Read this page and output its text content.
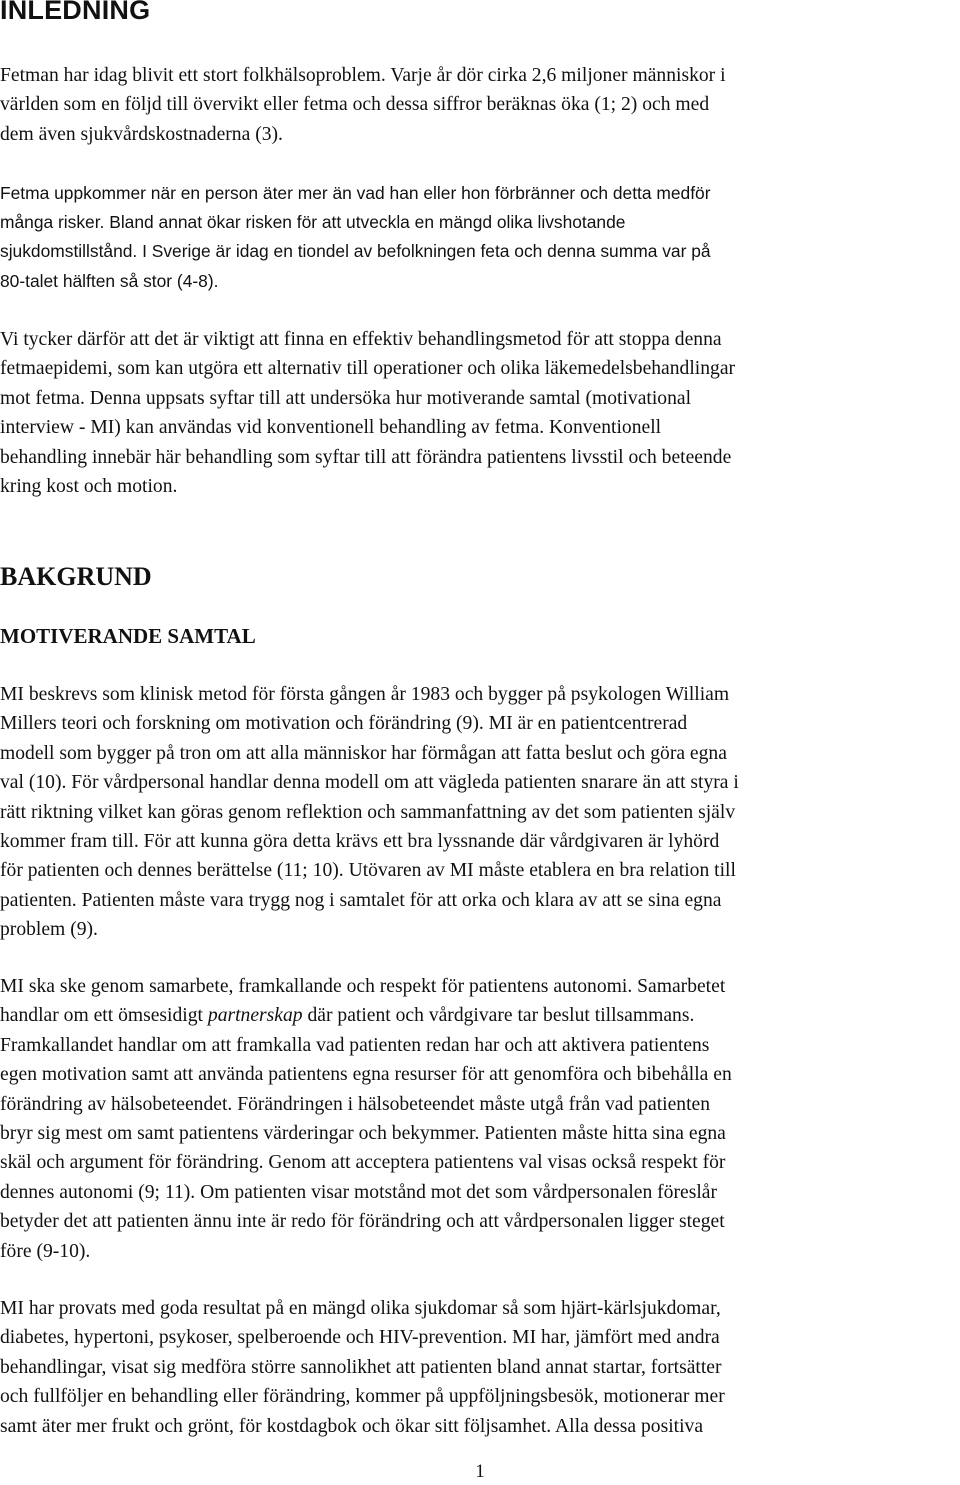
INLEDNING

Fetman har idag blivit ett stort folkhälsoproblem. Varje år dör cirka 2,6 miljoner människor i
världen som en följd till övervikt eller fetma och dessa siffror beräknas öka (1; 2) och med
dem även sjukvårdskostnaderna (3).

Fetma uppkommer när en person äter mer än vad han eller hon förbränner och detta medför
många risker. Bland annat ökar risken för att utveckla en mängd olika livshotande
sjukdomstillstånd. I Sverige är idag en tiondel av befolkningen feta och denna summa var på
80-talet hälften så stor (4-8).

Vi tycker därför att det är viktigt att finna en effektiv behandlingsmetod för att stoppa denna
fetmaepidemi, som kan utgöra ett alternativ till operationer och olika läkemedelsbehandlingar
mot fetma. Denna uppsats syftar till att undersöka hur motiverande samtal (motivational
interview - MI) kan användas vid konventionell behandling av fetma. Konventionell
behandling innebär här behandling som syftar till att förändra patientens livsstil och beteende
kring kost och motion.

BAKGRUND
MOTIVERANDE SAMTAL

MI beskrevs som klinisk metod för första gången år 1983 och bygger på psykologen William
Millers teori och forskning om motivation och förändring (9). MI är en patientcentrerad
modell som bygger på tron om att alla människor har förmågan att fatta beslut och göra egna
val (10). För vårdpersonal handlar denna modell om att vägleda patienten snarare än att styra i
rätt riktning vilket kan göras genom reflektion och sammanfattning av det som patienten själv
kommer fram till. För att kunna göra detta krävs ett bra lyssnande där vårdgivaren är lyhörd
för patienten och dennes berättelse (11; 10). Utövaren av MI måste etablera en bra relation till
patienten. Patienten måste vara trygg nog i samtalet för att orka och klara av att se sina egna
problem (9).

MI ska ske genom samarbete, framkallande och respekt för patientens autonomi. Samarbetet
handlar om ett ömsesidigt partnerskap där patient och vårdgivare tar beslut tillsammans.
Framkallandet handlar om att framkalla vad patienten redan har och att aktivera patientens
egen motivation samt att använda patientens egna resurser för att genomföra och bibehålla en
förändring av hälsobeteendet. Förändringen i hälsobeteendet måste utgå från vad patienten
bryr sig mest om samt patientens värderingar och bekymmer. Patienten måste hitta sina egna
skäl och argument för förändring. Genom att acceptera patientens val visas också respekt för
dennes autonomi (9; 11). Om patienten visar motstånd mot det som vårdpersonalen föreslår
betyder det att patienten ännu inte är redo för förändring och att vårdpersonalen ligger steget
före (9-10).

MI har provats med goda resultat på en mängd olika sjukdomar så som hjärt-kärlsjukdomar,
diabetes, hypertoni, psykoser, spelberoende och HIV-prevention. MI har, jämfört med andra
behandlingar, visat sig medföra större sannolikhet att patienten bland annat startar, fortsätter
och fullföljer en behandling eller förändring, kommer på uppföljningsbesök, motionerar mer
samt äter mer frukt och grönt, för kostdagbok och ökar sitt följsamhet. Alla dessa positiva

1
